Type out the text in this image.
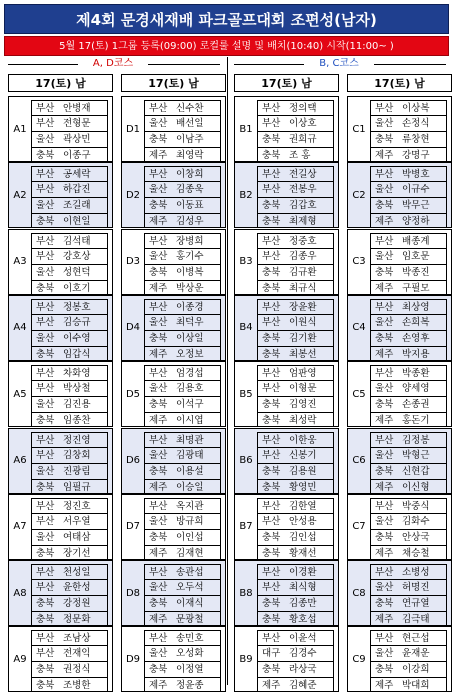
제4회 문경새재배 파크골프대회 조편성(남자)
5월 17(토) 1그룹 등록(09:00) 로컬룰 설명 및 배치(10:40) 시작(11:00~ )
A, D코스	B, C코스
17(토) 남
A1
부산 안병재
부산 전형문
울산 곽상민
충북 이종구
A2
부산 공세락
부산 하갑진
울산 조길래
충북 이현일
A3
부산 김석태
부산 강호상
울산 성현덕
충북 이호기
A4
부산 정봉호
부산 김승규
울산 이수영
충북 임갑식
A5
부산 차화영
부산 박상철
울산 김진용
충북 임종찬
A6
부산 정진영
부산 김창회
울산 진광림
충북 임필규
A7
부산 정진호
부산 서우열
울산 여태삼
충북 장기선
A8
부산 천성일
부산 윤한성
충북 강정원
충북 정문화
A9
부산 조남상
부산 전재익
충북 권정식
충북 조병한
17(토) 남
D1
부산 신수찬
울산 배선일
충북 이남주
제주 최영락
D2
부산 이창희
울산 김종욱
충북 이동표
제주 김성우
D3
부산 장병희
울산 홍기수
충북 이병복
제주 박상운
D4
부산 이종경
울산 최덕우
충북 이상일
제주 오정보
D5
부산 엄경섭
울산 김용호
충북 이석구
제주 이시엽
D6
부산 최명관
울산 김광태
충북 이용설
제주 이승일
D7
부산 옥지관
울산 방규희
충북 이인섭
제주 김재현
D8
부산 송관섭
울산 오두석
충북 이재식
제주 문광철
D9
부산 송민호
울산 오성화
충북 이정열
제주 정윤종
17(토) 남
B1
부산 정의택
부산 이상호
충북 권희규
충북 조 홍
B2
부산 전길상
부산 전봉우
충북 김갑호
충북 최제형
B3
부산 정중호
부산 김종우
충북 김규환
충북 최규식
B4
부산 장윤환
부산 이원식
충북 김기환
충북 최봉선
B5
부산 엄판영
부산 이형문
충북 김영진
충북 최성락
B6
부산 이한웅
부산 신봉기
충북 김용원
충북 황영민
B7
부산 김한열
부산 안성용
충북 김인섭
충북 황재선
B8
부산 이경환
부산 최식형
충북 김종만
충북 황호섭
B9
부산 이윤석
대구 김경수
충북 라상국
제주 김혜준
17(토) 남
C1
부산 이상복
울산 손정식
충북 류창현
제주 강명구
C2
부산 박병호
울산 이규수
충북 박무근
제주 양정하
C3
부산 배종계
울산 임호문
충북 박종진
제주 구필모
C4
부산 최상영
울산 손희복
충북 손영후
제주 박지용
C5
부산 박종환
울산 양세영
충북 손종권
제주 홍돈기
C6
부산 김정봉
울산 박형근
충북 신현갑
제주 이신형
C7
부산 박중식
울산 김화수
충북 안상국
제주 채승철
C8
부산 소병성
울산 허명진
충북 연규열
제주 김극태
C9
부산 현근섭
울산 윤재운
충북 이강희
제주 박대희
